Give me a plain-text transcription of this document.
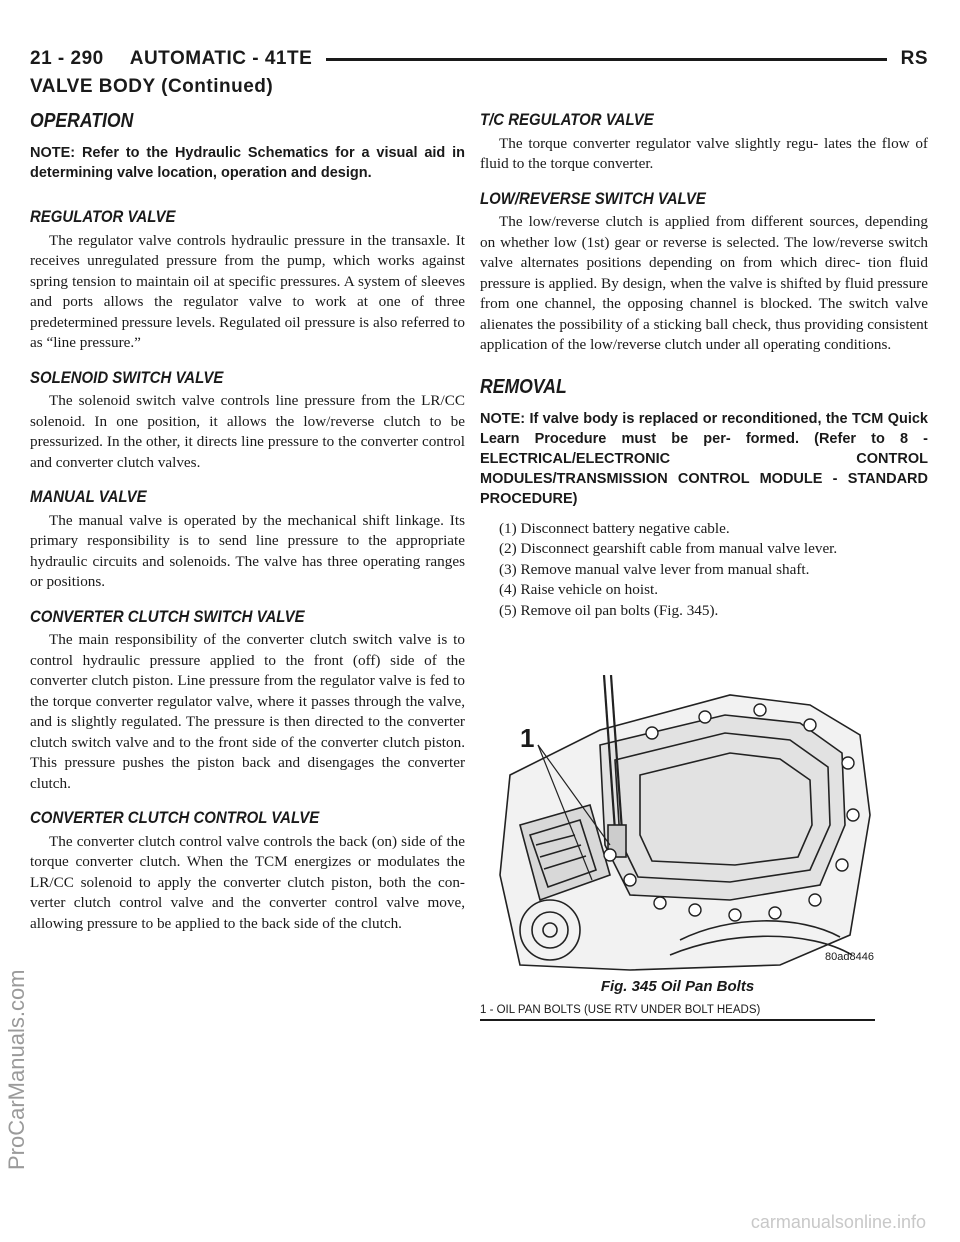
21 - 290 AUTOMATIC - 41TE	RS
VALVE BODY (Continued)
OPERATION
NOTE: Refer to the Hydraulic Schematics for a visual aid in determining valve location, operation and design.
REGULATOR VALVE

The regulator valve controls hydraulic pressure in the transaxle. It receives unregulated pressure from the pump, which works against spring tension to maintain oil at specific pressures. A system of sleeves and ports allows the regulator valve to work at one of three predetermined pressure levels. Regulated oil pressure is also referred to as “line pressure.”

SOLENOID SWITCH VALVE

The solenoid switch valve controls line pressure from the LR/CC solenoid. In one position, it allows the low/reverse clutch to be pressurized. In the other, it directs line pressure to the converter control and converter clutch valves.

MANUAL VALVE

The manual valve is operated by the mechanical shift linkage. Its primary responsibility is to send line pressure to the appropriate hydraulic circuits and solenoids. The valve has three operating ranges or positions.

CONVERTER CLUTCH SWITCH VALVE

The main responsibility of the converter clutch switch valve is to control hydraulic pressure applied to the front (off) side of the converter clutch piston. Line pressure from the regulator valve is fed to the torque converter regulator valve, where it passes through the valve, and is slightly regulated. The pressure is then directed to the converter clutch switch valve and to the front side of the converter clutch piston. This pressure pushes the piston back and disengages the converter clutch.

CONVERTER CLUTCH CONTROL VALVE

The converter clutch control valve controls the back (on) side of the torque converter clutch. When the TCM energizes or modulates the LR/CC solenoid to apply the converter clutch piston, both the con- verter clutch control valve and the converter control valve move, allowing pressure to be applied to the back side of the clutch.

T/C REGULATOR VALVE

The torque converter regulator valve slightly regu- lates the flow of fluid to the torque converter.

LOW/REVERSE SWITCH VALVE

The low/reverse clutch is applied from different sources, depending on whether low (1st) gear or reverse is selected. The low/reverse switch valve alternates positions depending on from which direc- tion fluid pressure is applied. By design, when the valve is shifted by fluid pressure from one channel, the opposing channel is blocked. The switch valve alienates the possibility of a sticking ball check, thus providing consistent application of the low/reverse clutch under all operating conditions.

REMOVAL
NOTE: If valve body is replaced or reconditioned, the TCM Quick Learn Procedure must be per- formed. (Refer to 8 - ELECTRICAL/ELECTRONIC CONTROL MODULES/TRANSMISSION CONTROL MODULE - STANDARD PROCEDURE)
(1) Disconnect battery negative cable.
(2) Disconnect gearshift cable from manual valve lever.
(3) Remove manual valve lever from manual shaft.
(4) Raise vehicle on hoist.
(5) Remove oil pan bolts (Fig. 345).
1
80ad8446
Fig. 345 Oil Pan Bolts
1 - OIL PAN BOLTS (USE RTV UNDER BOLT HEADS)
ProCarManuals.com
carmanualsonline.info
